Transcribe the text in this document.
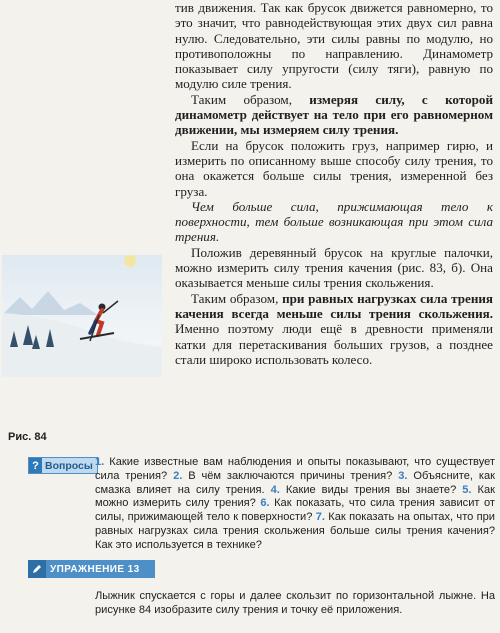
тив движения. Так как брусок движется равномерно, то это значит, что равнодействующая этих двух сил равна нулю. Следовательно, эти силы равны по модулю, но противоположны по направлению. Динамометр показывает силу упругости (силу тяги), равную по модулю силе трения.

Таким образом, измеряя силу, с которой динамометр действует на тело при его равномерном движении, мы измеряем силу трения.

Если на брусок положить груз, например гирю, и измерить по описанному выше способу силу трения, то она окажется больше силы трения, измеренной без груза.

Чем больше сила, прижимающая тело к поверхности, тем больше возникающая при этом сила трения.

Положив деревянный брусок на круглые палочки, можно измерить силу трения качения (рис. 83, б). Она оказывается меньше силы трения скольжения.

Таким образом, при равных нагрузках сила трения качения всегда меньше силы трения скольжения. Именно поэтому люди ещё в древности применяли катки для перетаскивания больших грузов, а позднее стали широко использовать колесо.

Рис. 84
? Вопросы 1. Какие известные вам наблюдения и опыты показывают, что существует сила трения? 2. В чём заключаются причины трения? 3. Объясните, как смазка влияет на силу трения. 4. Какие виды трения вы знаете? 5. Как можно измерить силу трения? 6. Как показать, что сила трения зависит от силы, прижимающей тело к поверхности? 7. Как показать на опытах, что при равных нагрузках сила трения скольжения больше силы трения качения? Как это используется в технике?
УПРАЖНЕНИЕ 13
Лыжник спускается с горы и далее скользит по горизонтальной лыжне. На рисунке 84 изобразите силу трения и точку её приложения.
